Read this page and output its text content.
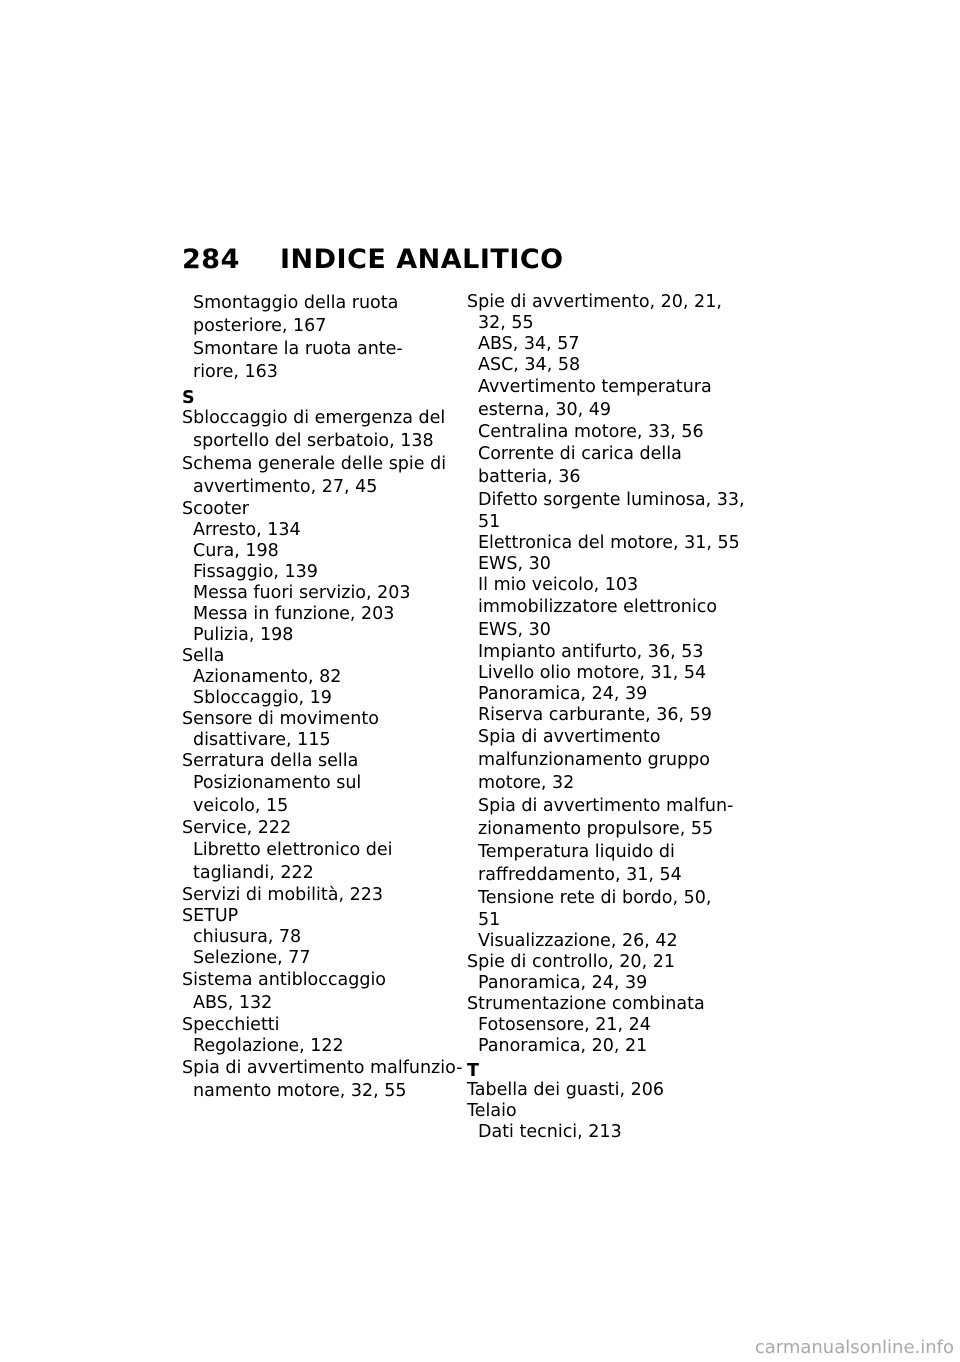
284 INDICE ANALITICO
Smontaggio della ruota
posteriore, 167
Smontare la ruota ante-
riore, 163
S
Sbloccaggio di emergenza del
sportello del serbatoio, 138
Schema generale delle spie di
avvertimento, 27, 45
Scooter
Arresto, 134
Cura, 198
Fissaggio, 139
Messa fuori servizio, 203
Messa in funzione, 203
Pulizia, 198
Sella
Azionamento, 82
Sbloccaggio, 19
Sensore di movimento
disattivare, 115
Serratura della sella
Posizionamento sul
veicolo, 15
Service, 222
Libretto elettronico dei
tagliandi, 222
Servizi di mobilità, 223
SETUP
chiusura, 78
Selezione, 77
Sistema antibloccaggio
ABS, 132
Specchietti
Regolazione, 122
Spia di avvertimento malfunzio-
namento motore, 32, 55
Spie di avvertimento, 20, 21,
32, 55
ABS, 34, 57
ASC, 34, 58
Avvertimento temperatura
esterna, 30, 49
Centralina motore, 33, 56
Corrente di carica della
batteria, 36
Difetto sorgente luminosa, 33,
51
Elettronica del motore, 31, 55
EWS, 30
Il mio veicolo, 103
immobilizzatore elettronico
EWS, 30
Impianto antifurto, 36, 53
Livello olio motore, 31, 54
Panoramica, 24, 39
Riserva carburante, 36, 59
Spia di avvertimento
malfunzionamento gruppo
motore, 32
Spia di avvertimento malfun-
zionamento propulsore, 55
Temperatura liquido di
raffreddamento, 31, 54
Tensione rete di bordo, 50,
51
Visualizzazione, 26, 42
Spie di controllo, 20, 21
Panoramica, 24, 39
Strumentazione combinata
Fotosensore, 21, 24
Panoramica, 20, 21
T
Tabella dei guasti, 206
Telaio
Dati tecnici, 213
carmanualsonline.info
